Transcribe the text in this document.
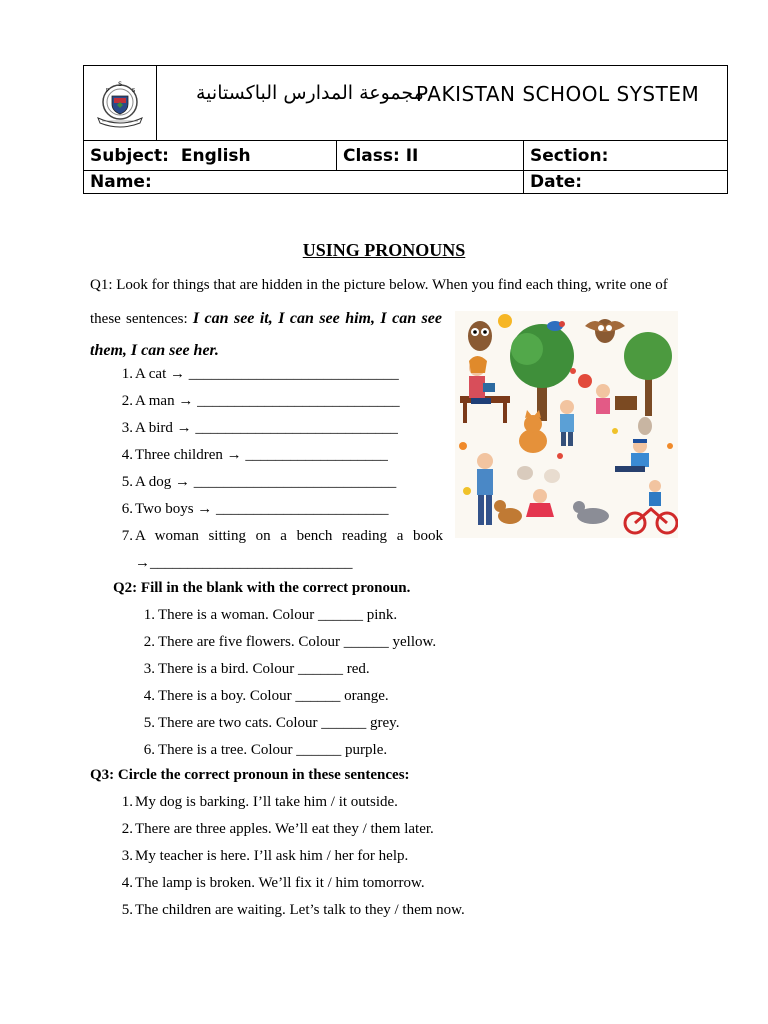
S
P	S	مجموعة المدارس الباكستانية
PAKISTAN SCHOOL SYSTEM
Subject: English	Class: II	Section:
Name:	Date:
USING PRONOUNS
Q1: Look for things that are hidden in the picture below. When you find each thing, write one of
these sentences: I can see it, I can see him, I can see them, I can see her.
1. A cat → ____________________________
2. A man → ___________________________
3. A bird → ___________________________
4. Three children → ___________________
5. A dog → ___________________________
6. Two boys → _______________________
7. A woman sitting on a bench reading a book
→___________________________
Q2: Fill in the blank with the correct pronoun.
1. There is a woman. Colour ______ pink.
2. There are five flowers. Colour ______ yellow.
3. There is a bird. Colour ______ red.
4. There is a boy. Colour ______ orange.
5. There are two cats. Colour ______ grey.
6. There is a tree. Colour ______ purple.
Q3: Circle the correct pronoun in these sentences:
1. My dog is barking. I’ll take him / it outside.
2. There are three apples. We’ll eat they / them later.
3. My teacher is here. I’ll ask him / her for help.
4. The lamp is broken. We’ll fix it / him tomorrow.
5. The children are waiting. Let’s talk to they / them now.
